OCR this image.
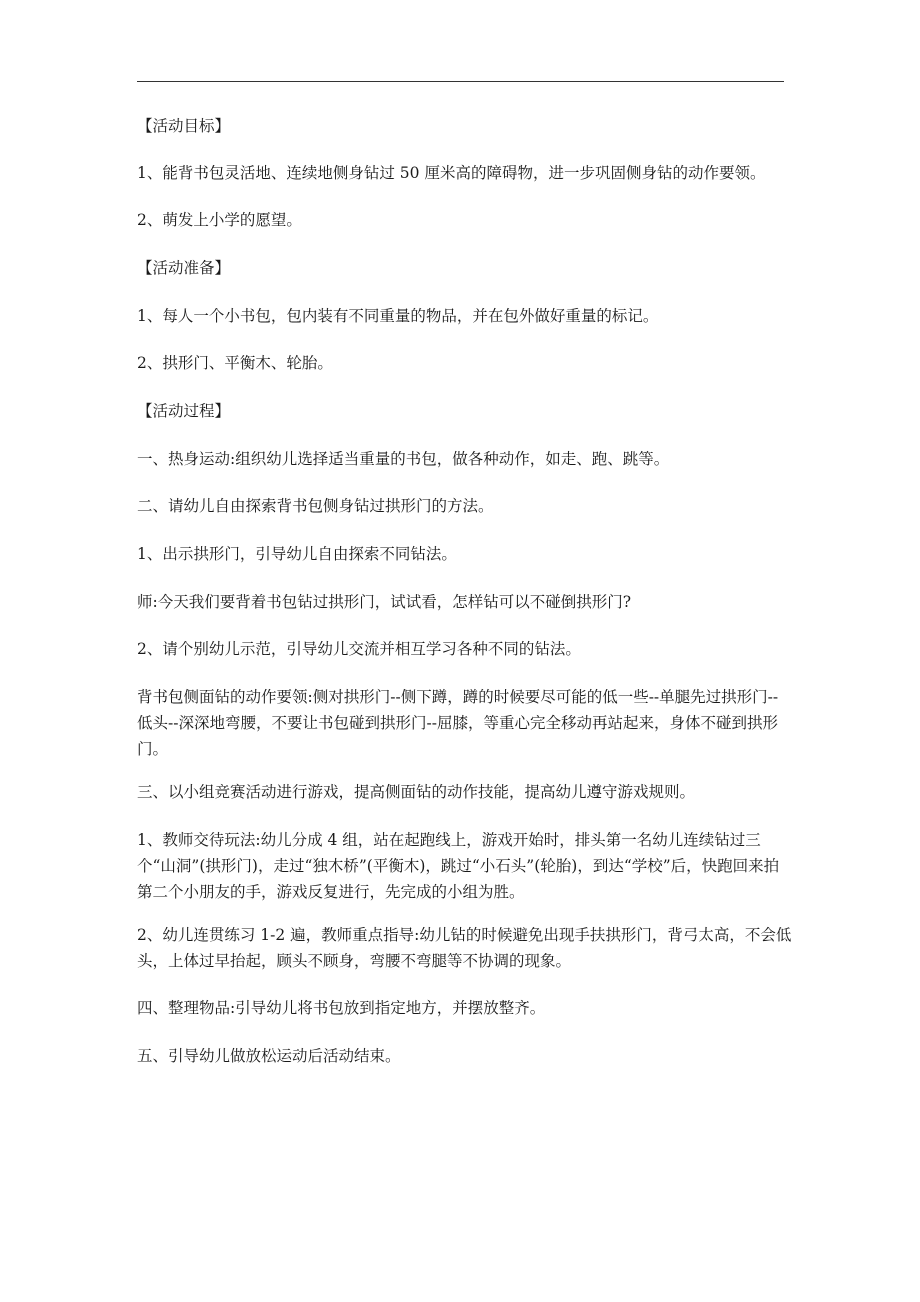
【活动目标】

1、能背书包灵活地、连续地侧身钻过 50 厘米高的障碍物，进一步巩固侧身钻的动作要领。

2、萌发上小学的愿望。

【活动准备】

1、每人一个小书包，包内装有不同重量的物品，并在包外做好重量的标记。

2、拱形门、平衡木、轮胎。

【活动过程】

一、热身运动:组织幼儿选择适当重量的书包，做各种动作，如走、跑、跳等。

二、请幼儿自由探索背书包侧身钻过拱形门的方法。

1、出示拱形门，引导幼儿自由探索不同钻法。

师:今天我们要背着书包钻过拱形门，试试看，怎样钻可以不碰倒拱形门?

2、请个别幼儿示范，引导幼儿交流并相互学习各种不同的钻法。

背书包侧面钻的动作要领:侧对拱形门--侧下蹲，蹲的时候要尽可能的低一些--单腿先过拱形门--低头--深深地弯腰，不要让书包碰到拱形门--屈膝，等重心完全移动再站起来，身体不碰到拱形门。

三、以小组竞赛活动进行游戏，提高侧面钻的动作技能，提高幼儿遵守游戏规则。

1、教师交待玩法:幼儿分成 4 组，站在起跑线上，游戏开始时，排头第一名幼儿连续钻过三个“山洞”(拱形门)，走过“独木桥”(平衡木)，跳过“小石头”(轮胎)，到达“学校”后，快跑回来拍第二个小朋友的手，游戏反复进行，先完成的小组为胜。

2、幼儿连贯练习 1-2 遍，教师重点指导:幼儿钻的时候避免出现手扶拱形门，背弓太高，不会低头，上体过早抬起，顾头不顾身，弯腰不弯腿等不协调的现象。

四、整理物品:引导幼儿将书包放到指定地方，并摆放整齐。

五、引导幼儿做放松运动后活动结束。
